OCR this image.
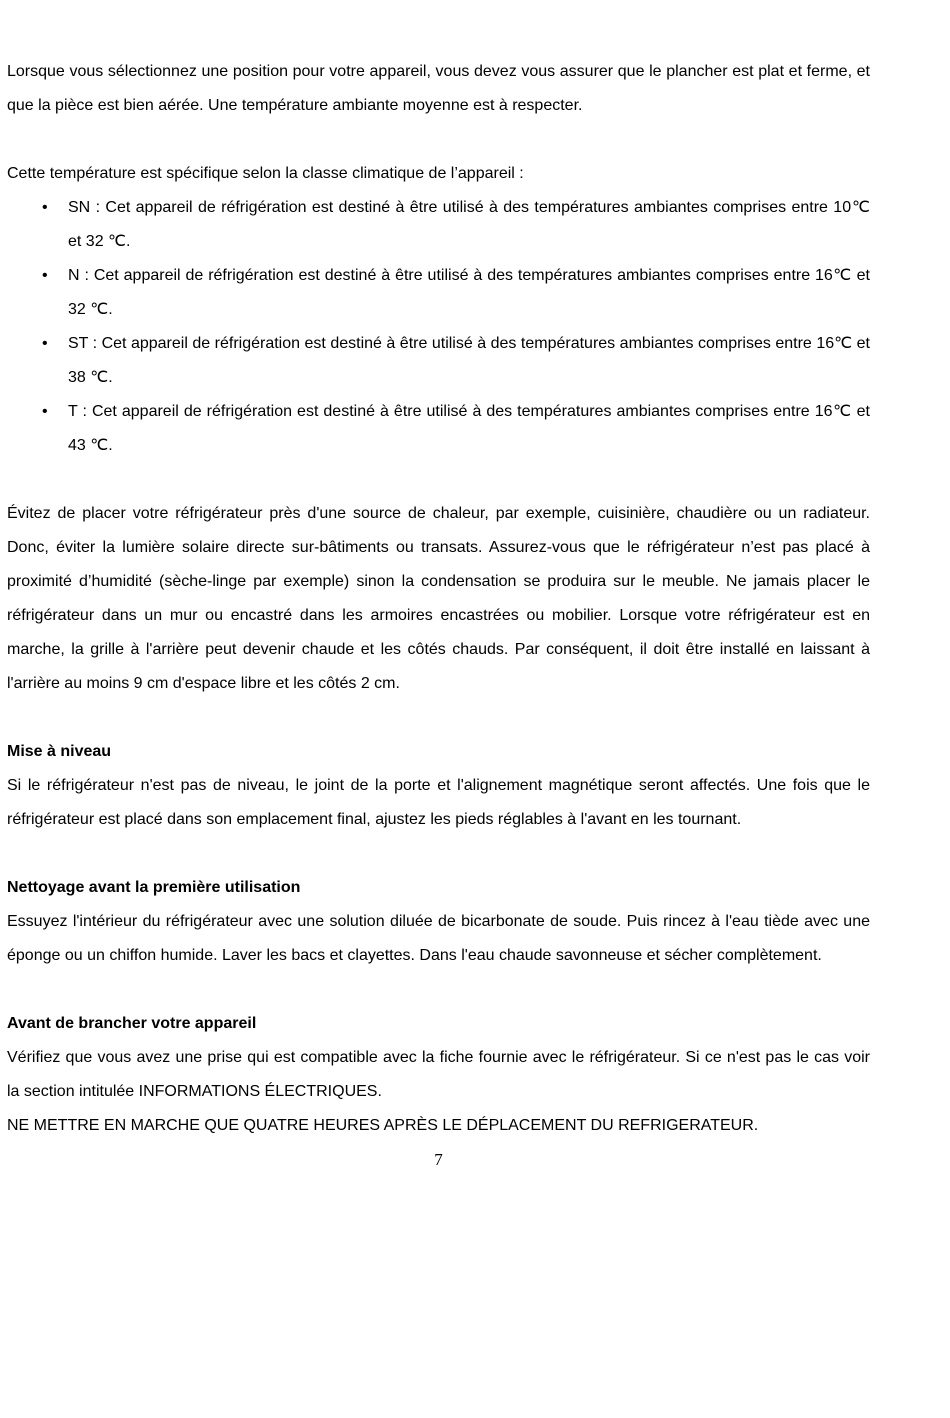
Lorsque vous sélectionnez une position pour votre appareil, vous devez vous assurer que le plancher est plat et ferme, et que la pièce est bien aérée. Une température ambiante moyenne est à respecter.

Cette température est spécifique selon la classe climatique de l’appareil :

• SN : Cet appareil de réfrigération est destiné à être utilisé à des températures ambiantes comprises entre 10℃ et 32 ℃.
• N : Cet appareil de réfrigération est destiné à être utilisé à des températures ambiantes comprises entre 16℃ et 32 ℃.
• ST : Cet appareil de réfrigération est destiné à être utilisé à des températures ambiantes comprises entre 16℃ et 38 ℃.
• T : Cet appareil de réfrigération est destiné à être utilisé à des températures ambiantes comprises entre 16℃ et 43 ℃.

Évitez de placer votre réfrigérateur près d'une source de chaleur, par exemple, cuisinière, chaudière ou un radiateur. Donc, éviter la lumière solaire directe sur-bâtiments ou transats. Assurez-vous que le réfrigérateur n’est pas placé à proximité d’humidité (sèche-linge par exemple) sinon la condensation se produira sur le meuble. Ne jamais placer le réfrigérateur dans un mur ou encastré dans les armoires encastrées ou mobilier. Lorsque votre réfrigérateur est en marche, la grille à l'arrière peut devenir chaude et les côtés chauds. Par conséquent, il doit être installé en laissant à l'arrière au moins 9 cm d'espace libre et les côtés 2 cm.

Mise à niveau

Si le réfrigérateur n'est pas de niveau, le joint de la porte et l'alignement magnétique seront affectés. Une fois que le réfrigérateur est placé dans son emplacement final, ajustez les pieds réglables à l'avant en les tournant.

Nettoyage avant la première utilisation

Essuyez l'intérieur du réfrigérateur avec une solution diluée de bicarbonate de soude. Puis rincez à l'eau tiède avec une éponge ou un chiffon humide. Laver les bacs et clayettes. Dans l'eau chaude savonneuse et sécher complètement.

Avant de brancher votre appareil

Vérifiez que vous avez une prise qui est compatible avec la fiche fournie avec le réfrigérateur. Si ce n'est pas le cas voir la section intitulée INFORMATIONS ÉLECTRIQUES.

NE METTRE EN MARCHE QUE QUATRE HEURES APRÈS LE DÉPLACEMENT DU REFRIGERATEUR.

7
